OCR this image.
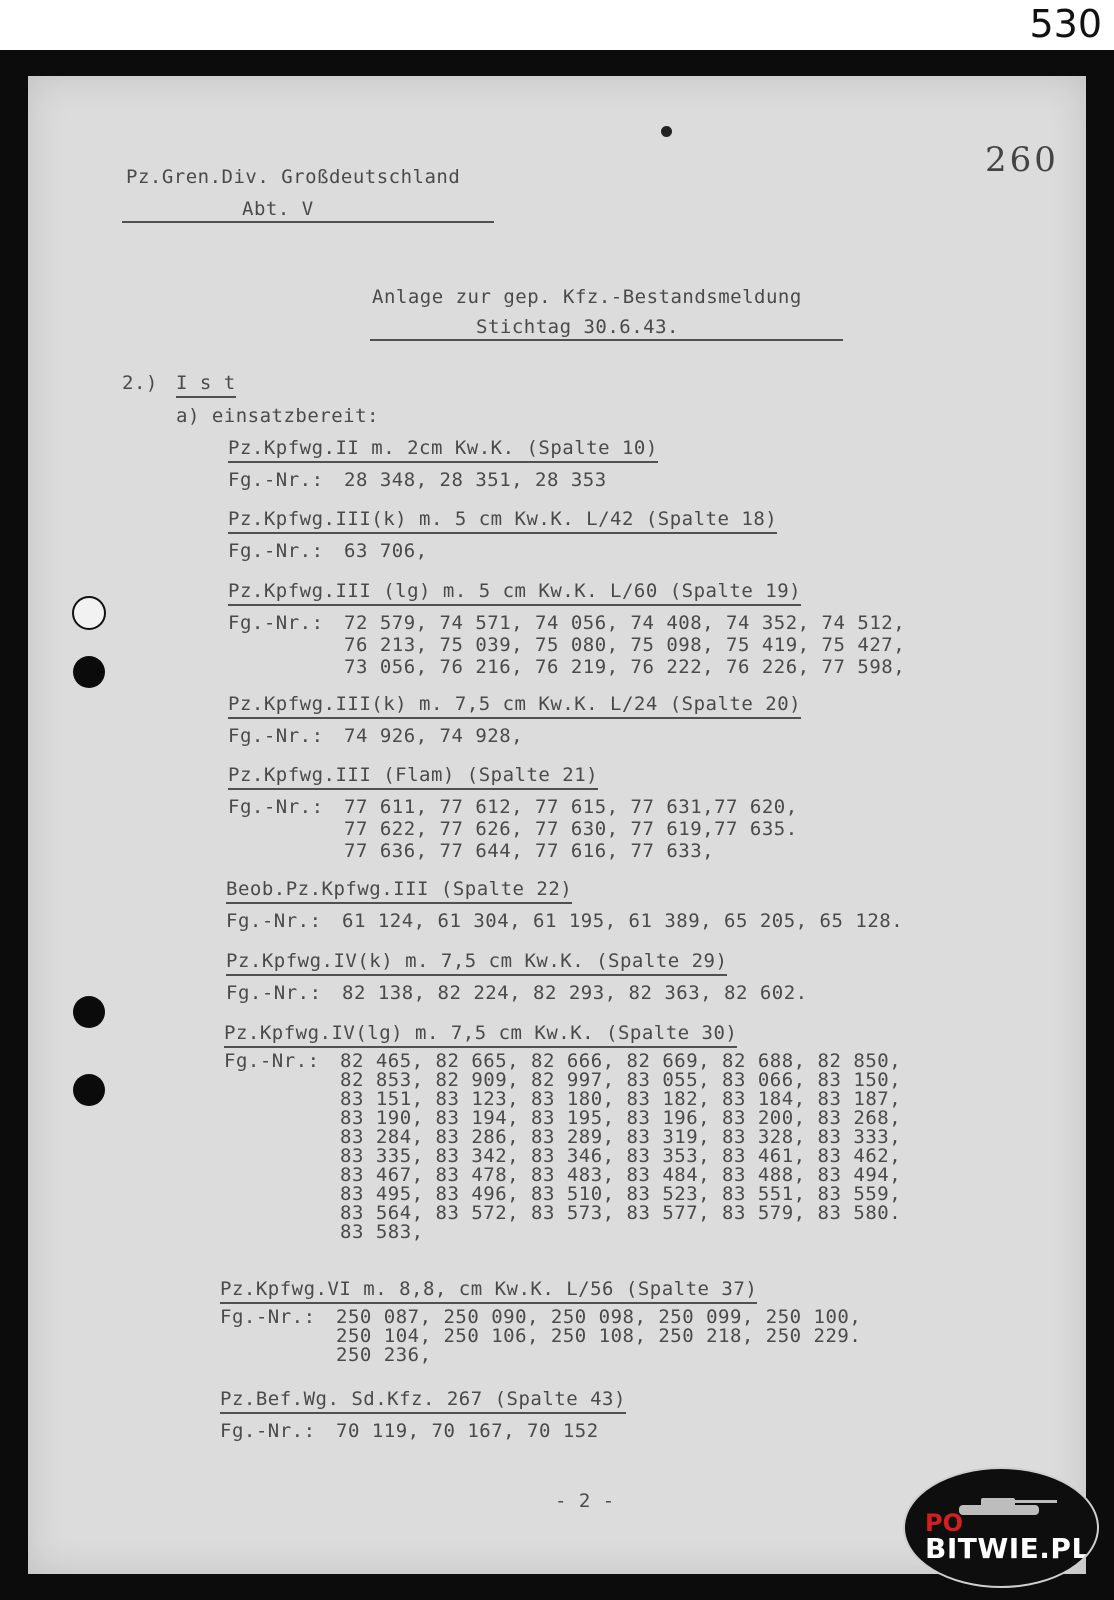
530
260
Pz.Gren.Div. Großdeutschland
Abt. V
Anlage zur gep. Kfz.-Bestandsmeldung
Stichtag 30.6.43.
2.) I s t
a) einsatzbereit:
Pz.Kpfwg.II m. 2cm Kw.K. (Spalte 10)
Fg.-Nr.:	28 348, 28 351, 28 353
Pz.Kpfwg.III(k) m. 5 cm Kw.K. L/42 (Spalte 18)
Fg.-Nr.:	63 706,
Pz.Kpfwg.III (lg) m. 5 cm Kw.K. L/60 (Spalte 19)
Fg.-Nr.:	72 579, 74 571, 74 056, 74 408, 74 352, 74 512,
76 213, 75 039, 75 080, 75 098, 75 419, 75 427,
73 056, 76 216, 76 219, 76 222, 76 226, 77 598,
Pz.Kpfwg.III(k) m. 7,5 cm Kw.K. L/24 (Spalte 20)
Fg.-Nr.:	74 926, 74 928,
Pz.Kpfwg.III (Flam) (Spalte 21)
Fg.-Nr.:	77 611, 77 612, 77 615, 77 631,77 620,
77 622, 77 626, 77 630, 77 619,77 635.
77 636, 77 644, 77 616, 77 633,
Beob.Pz.Kpfwg.III (Spalte 22)
Fg.-Nr.:	61 124, 61 304, 61 195, 61 389, 65 205, 65 128.
Pz.Kpfwg.IV(k) m. 7,5 cm Kw.K. (Spalte 29)
Fg.-Nr.:	82 138, 82 224, 82 293, 82 363, 82 602.
Pz.Kpfwg.IV(lg) m. 7,5 cm Kw.K. (Spalte 30)
Fg.-Nr.:	82 465, 82 665, 82 666, 82 669, 82 688, 82 850,
82 853, 82 909, 82 997, 83 055, 83 066, 83 150,
83 151, 83 123, 83 180, 83 182, 83 184, 83 187,
83 190, 83 194, 83 195, 83 196, 83 200, 83 268,
83 284, 83 286, 83 289, 83 319, 83 328, 83 333,
83 335, 83 342, 83 346, 83 353, 83 461, 83 462,
83 467, 83 478, 83 483, 83 484, 83 488, 83 494,
83 495, 83 496, 83 510, 83 523, 83 551, 83 559,
83 564, 83 572, 83 573, 83 577, 83 579, 83 580.
83 583,
Pz.Kpfwg.VI m. 8,8, cm Kw.K. L/56 (Spalte 37)
Fg.-Nr.:	250 087, 250 090, 250 098, 250 099, 250 100,
250 104, 250 106, 250 108, 250 218, 250 229.
250 236,
Pz.Bef.Wg. Sd.Kfz. 267 (Spalte 43)
Fg.-Nr.:	70 119, 70 167, 70 152
- 2 -
PO
BITWIE.PL
